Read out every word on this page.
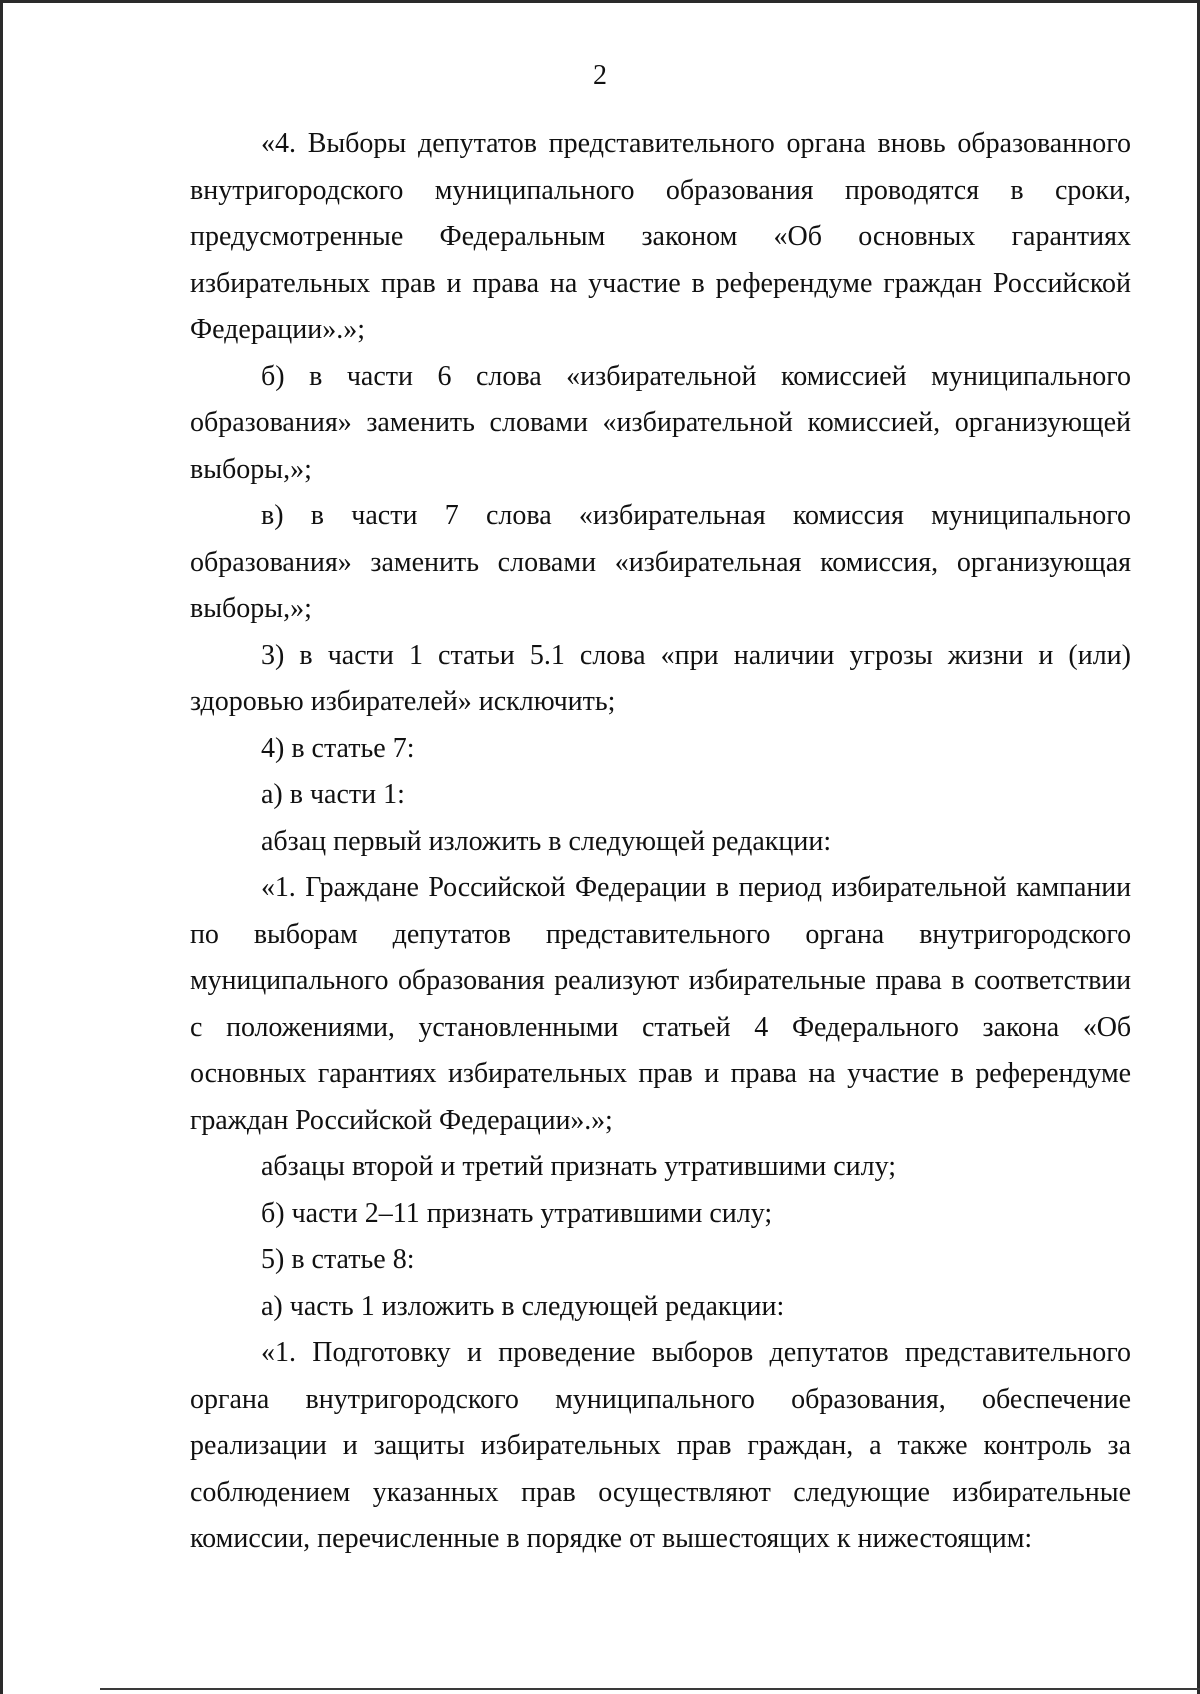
2

«4. Выборы депутатов представительного органа вновь образованного внутригородского муниципального образования проводятся в сроки, предусмотренные Федеральным законом «Об основных гарантиях избирательных прав и права на участие в референдуме граждан Российской Федерации».»;

б) в части 6 слова «избирательной комиссией муниципального образования» заменить словами «избирательной комиссией, организующей выборы,»;

в) в части 7 слова «избирательная комиссия муниципального образования» заменить словами «избирательная комиссия, организующая выборы,»;

3) в части 1 статьи 5.1 слова «при наличии угрозы жизни и (или) здоровью избирателей» исключить;

4) в статье 7:

а) в части 1:

абзац первый изложить в следующей редакции:

«1. Граждане Российской Федерации в период избирательной кампании по выборам депутатов представительного органа внутригородского муниципального образования реализуют избирательные права в соответствии с положениями, установленными статьей 4 Федерального закона «Об основных гарантиях избирательных прав и права на участие в референдуме граждан Российской Федерации».»;

абзацы второй и третий признать утратившими силу;

б) части 2–11 признать утратившими силу;

5) в статье 8:

а) часть 1 изложить в следующей редакции:

«1. Подготовку и проведение выборов депутатов представительного органа внутригородского муниципального образования, обеспечение реализации и защиты избирательных прав граждан, а также контроль за соблюдением указанных прав осуществляют следующие избирательные комиссии, перечисленные в порядке от вышестоящих к нижестоящим:
